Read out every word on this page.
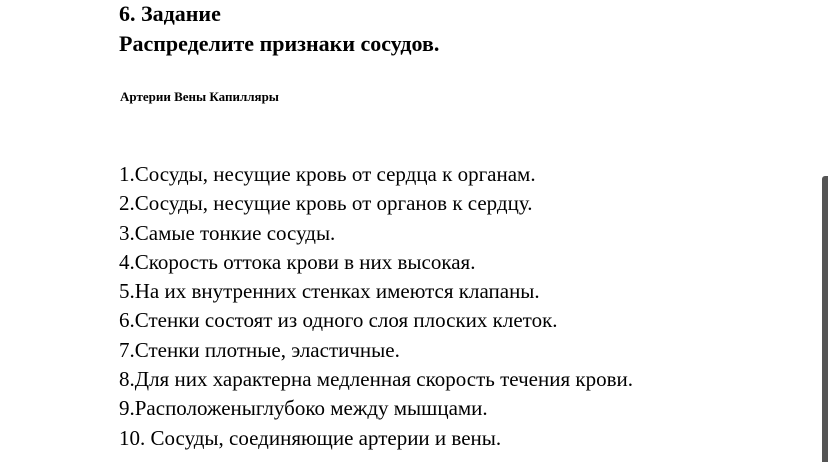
6. Задание
Распределите признаки сосудов.
Артерии Вены Капилляры
1.Сосуды, несущие кровь от сердца к органам.
2.Сосуды, несущие кровь от органов к сердцу.
3.Самые тонкие сосуды.
4.Скорость оттока крови в них высокая.
5.На их внутренних стенках имеются клапаны.
6.Стенки состоят из одного слоя плоских клеток.
7.Стенки плотные, эластичные.
8.Для них характерна медленная скорость течения крови.
9.Расположеныглубоко между мышцами.
10. Сосуды, соединяющие артерии и вены.
